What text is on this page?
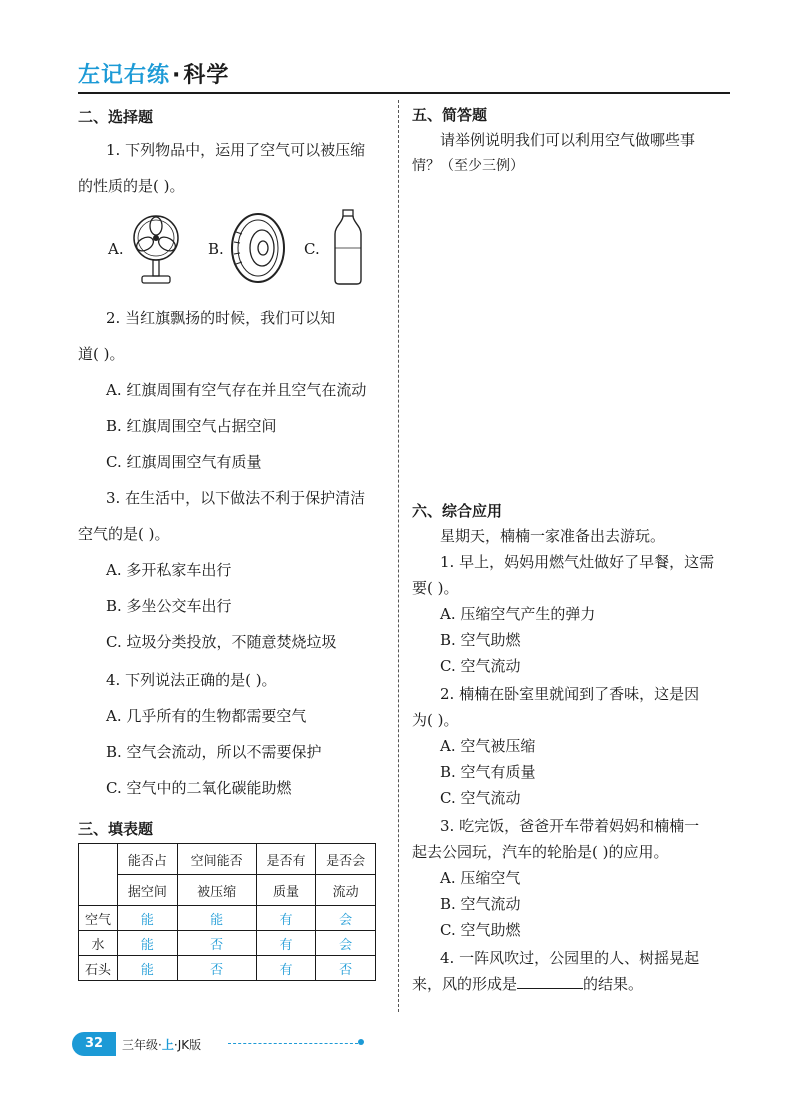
左记右练·科学
二、选择题
1. 下列物品中，运用了空气可以被压缩
的性质的是( )。
A.	B.	C.
2. 当红旗飘扬的时候，我们可以知
道( )。
A. 红旗周围有空气存在并且空气在流动
B. 红旗周围空气占据空间
C. 红旗周围空气有质量
3. 在生活中，以下做法不利于保护清洁
空气的是( )。
A. 多开私家车出行
B. 多坐公交车出行
C. 垃圾分类投放，不随意焚烧垃圾
4. 下列说法正确的是( )。
A. 几乎所有的生物都需要空气
B. 空气会流动，所以不需要保护
C. 空气中的二氧化碳能助燃
三、填表题
	能否占	空间能否	是否有	是否会
	据空间	被压缩	质量	流动
空气	能	能	有	会
水	能	否	有	会
石头	能	否	有	否
五、简答题
请举例说明我们可以利用空气做哪些事
情？（至少三例）
六、综合应用
星期天，楠楠一家准备出去游玩。
1. 早上，妈妈用燃气灶做好了早餐，这需
要( )。
A. 压缩空气产生的弹力
B. 空气助燃
C. 空气流动
2. 楠楠在卧室里就闻到了香味，这是因
为( )。
A. 空气被压缩
B. 空气有质量
C. 空气流动
3. 吃完饭，爸爸开车带着妈妈和楠楠一
起去公园玩，汽车的轮胎是( )的应用。
A. 压缩空气
B. 空气流动
C. 空气助燃
4. 一阵风吹过，公园里的人、树摇晃起
来，风的形成是	的结果。
32	三年级·上·JK版
